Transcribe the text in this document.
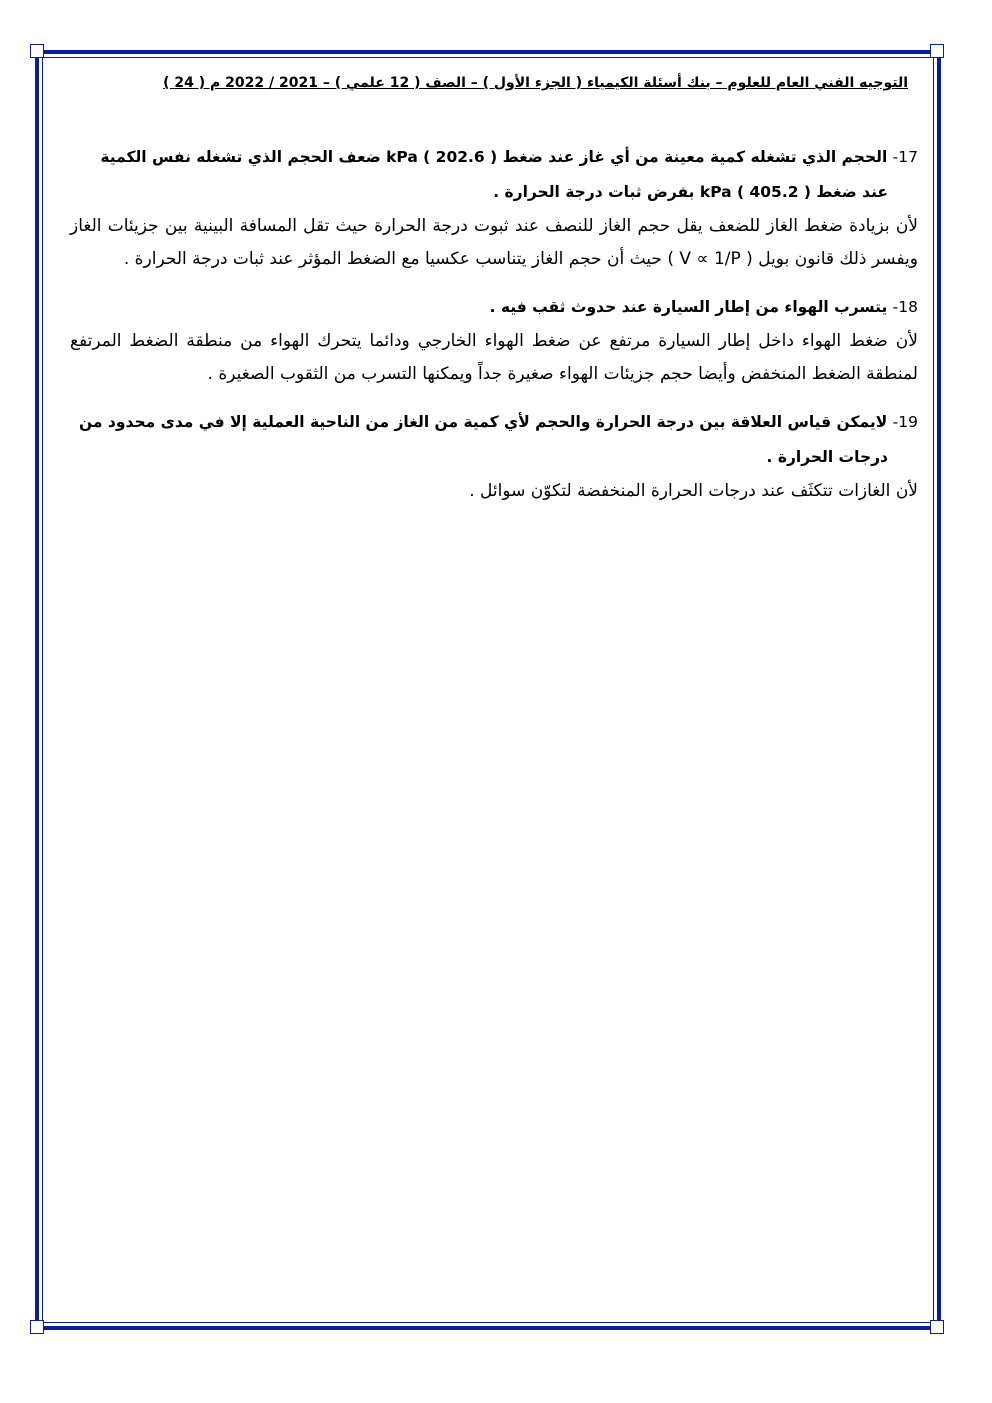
التوجيه الفني العام للعلوم – بنك أسئلة الكيمياء ( الجزء الأول ) – الصف ( 12 علمي ) – 2021 / 2022 م ( 24 )
17- الحجم الذي تشغله كمية معينة من أي غاز عند ضغط kPa ( 202.6 ) ضعف الحجم الذي تشغله نفس الكمية
عند ضغط kPa ( 405.2 ) بفرض ثبات درجة الحرارة .
لأن بزيادة ضغط الغاز للضعف يقل حجم الغاز للنصف عند ثبوت درجة الحرارة حيث تقل المسافة البينية بين جزيئات الغاز ويفسر ذلك قانون بويل ( V ∝ 1/P ) حيث أن حجم الغاز يتناسب عكسيا مع الضغط المؤثر عند ثبات درجة الحرارة .
18- يتسرب الهواء من إطار السيارة عند حدوث ثقب فيه .
لأن ضغط الهواء داخل إطار السيارة مرتفع عن ضغط الهواء الخارجي ودائما يتحرك الهواء من منطقة الضغط المرتفع لمنطقة الضغط المنخفض وأيضا حجم جزيئات الهواء صغيرة جداً ويمكنها التسرب من الثقوب الصغيرة .
19- لايمكن قياس العلاقة بين درجة الحرارة والحجم لأي كمية من الغاز من الناحية العملية إلا في مدى محدود من
درجات الحرارة .
لأن الغازات تتكثَف عند درجات الحرارة المنخفضة لتكوّن سوائل .
